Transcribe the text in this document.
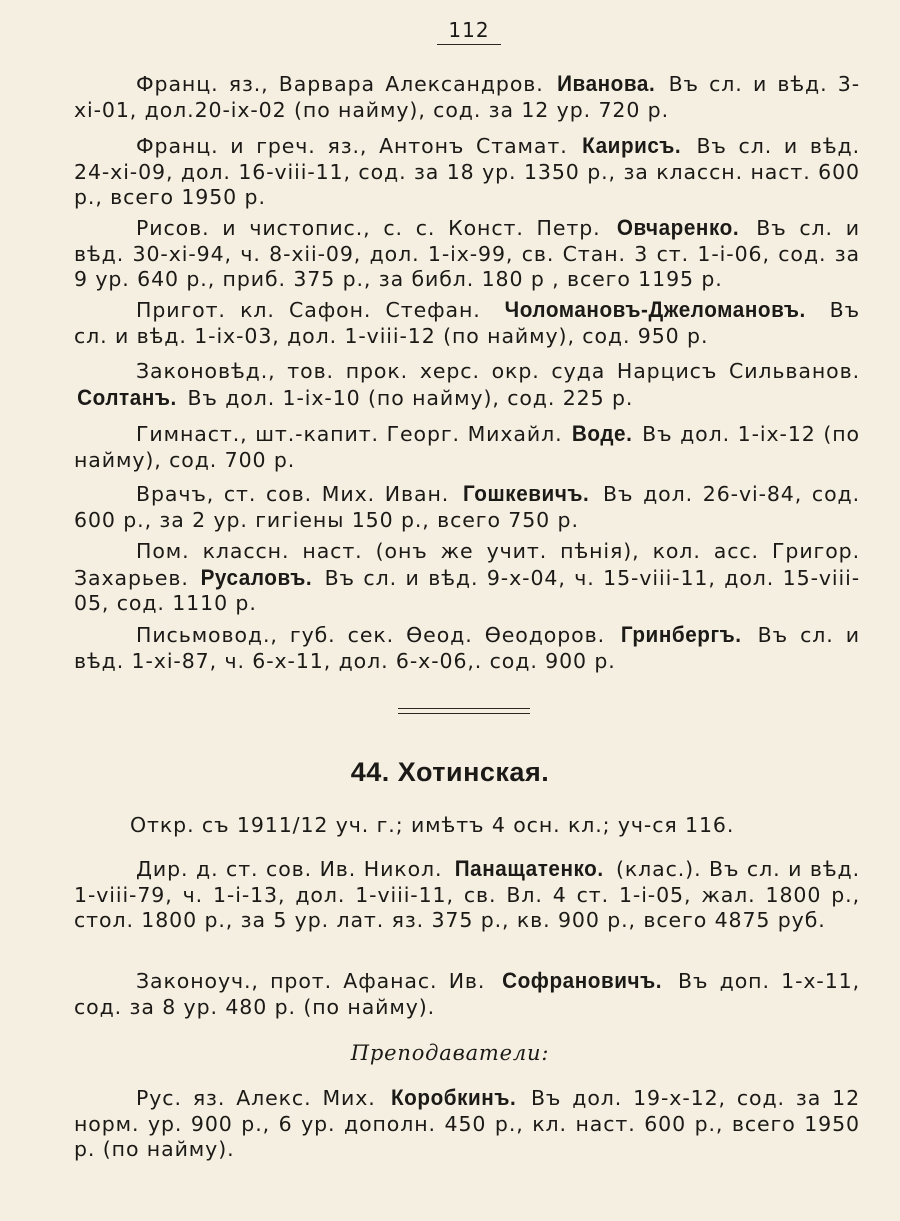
112

Франц. яз., Варвара Александров. Иванова. Въ сл. и вѣд. 3-xi-01, дол.20-ix-02 (по найму), сод. за 12 ур. 720 р.

Франц. и греч. яз., Антонъ Стамат. Каирисъ. Въ сл. и вѣд. 24-xi-09, дол. 16-viii-11, сод. за 18 ур. 1350 р., за классн. наст. 600 р., всего 1950 р.

Рисов. и чистопис., с. с. Конст. Петр. Овчаренко. Въ сл. и вѣд. 30-xi-94, ч. 8-xii-09, дол. 1-ix-99, св. Стан. 3 ст. 1-i-06, сод. за 9 ур. 640 р., приб. 375 р., за библ. 180 р , всего 1195 р.

Пригот. кл. Сафон. Стефан. Чоломановъ-Джеломановъ. Въ сл. и вѣд. 1-ix-03, дол. 1-viii-12 (по найму), сод. 950 р.

Законовѣд., тов. прок. херс. окр. суда Нарцисъ Сильванов. Солтанъ. Въ дол. 1-ix-10 (по найму), сод. 225 р.

Гимнаст., шт.-капит. Георг. Михайл. Воде. Въ дол. 1-ix-12 (по найму), сод. 700 р.

Врачъ, ст. сов. Мих. Иван. Гошкевичъ. Въ дол. 26-vi-84, сод. 600 р., за 2 ур. гигіены 150 р., всего 750 р.

Пом. классн. наст. (онъ же учит. пѣнія), кол. асс. Григор. Захарьев. Русаловъ. Въ сл. и вѣд. 9-x-04, ч. 15-viii-11, дол. 15-viii-05, сод. 1110 р.

Письмовод., губ. сек. Ѳеод. Ѳеодоров. Гринбергъ. Въ сл. и вѣд. 1-xi-87, ч. 6-x-11, дол. 6-x-06,. сод. 900 р.

44. Хотинская.

Откр. съ 1911/12 уч. г.; имѣтъ 4 осн. кл.; уч-ся 116.

Дир. д. ст. сов. Ив. Никол. Панащатенко. (клас.). Въ сл. и вѣд. 1-viii-79, ч. 1-i-13, дол. 1-viii-11, св. Вл. 4 ст. 1-i-05, жал. 1800 р., стол. 1800 р., за 5 ур. лат. яз. 375 р., кв. 900 р., всего 4875 руб.

Законоуч., прот. Афанас. Ив. Софрановичъ. Въ доп. 1-x-11, сод. за 8 ур. 480 р. (по найму).

Преподаватели:

Рус. яз. Алекс. Мих. Коробкинъ. Въ дол. 19-x-12, сод. за 12 норм. ур. 900 р., 6 ур. дополн. 450 р., кл. наст. 600 р., всего 1950 р. (по найму).
